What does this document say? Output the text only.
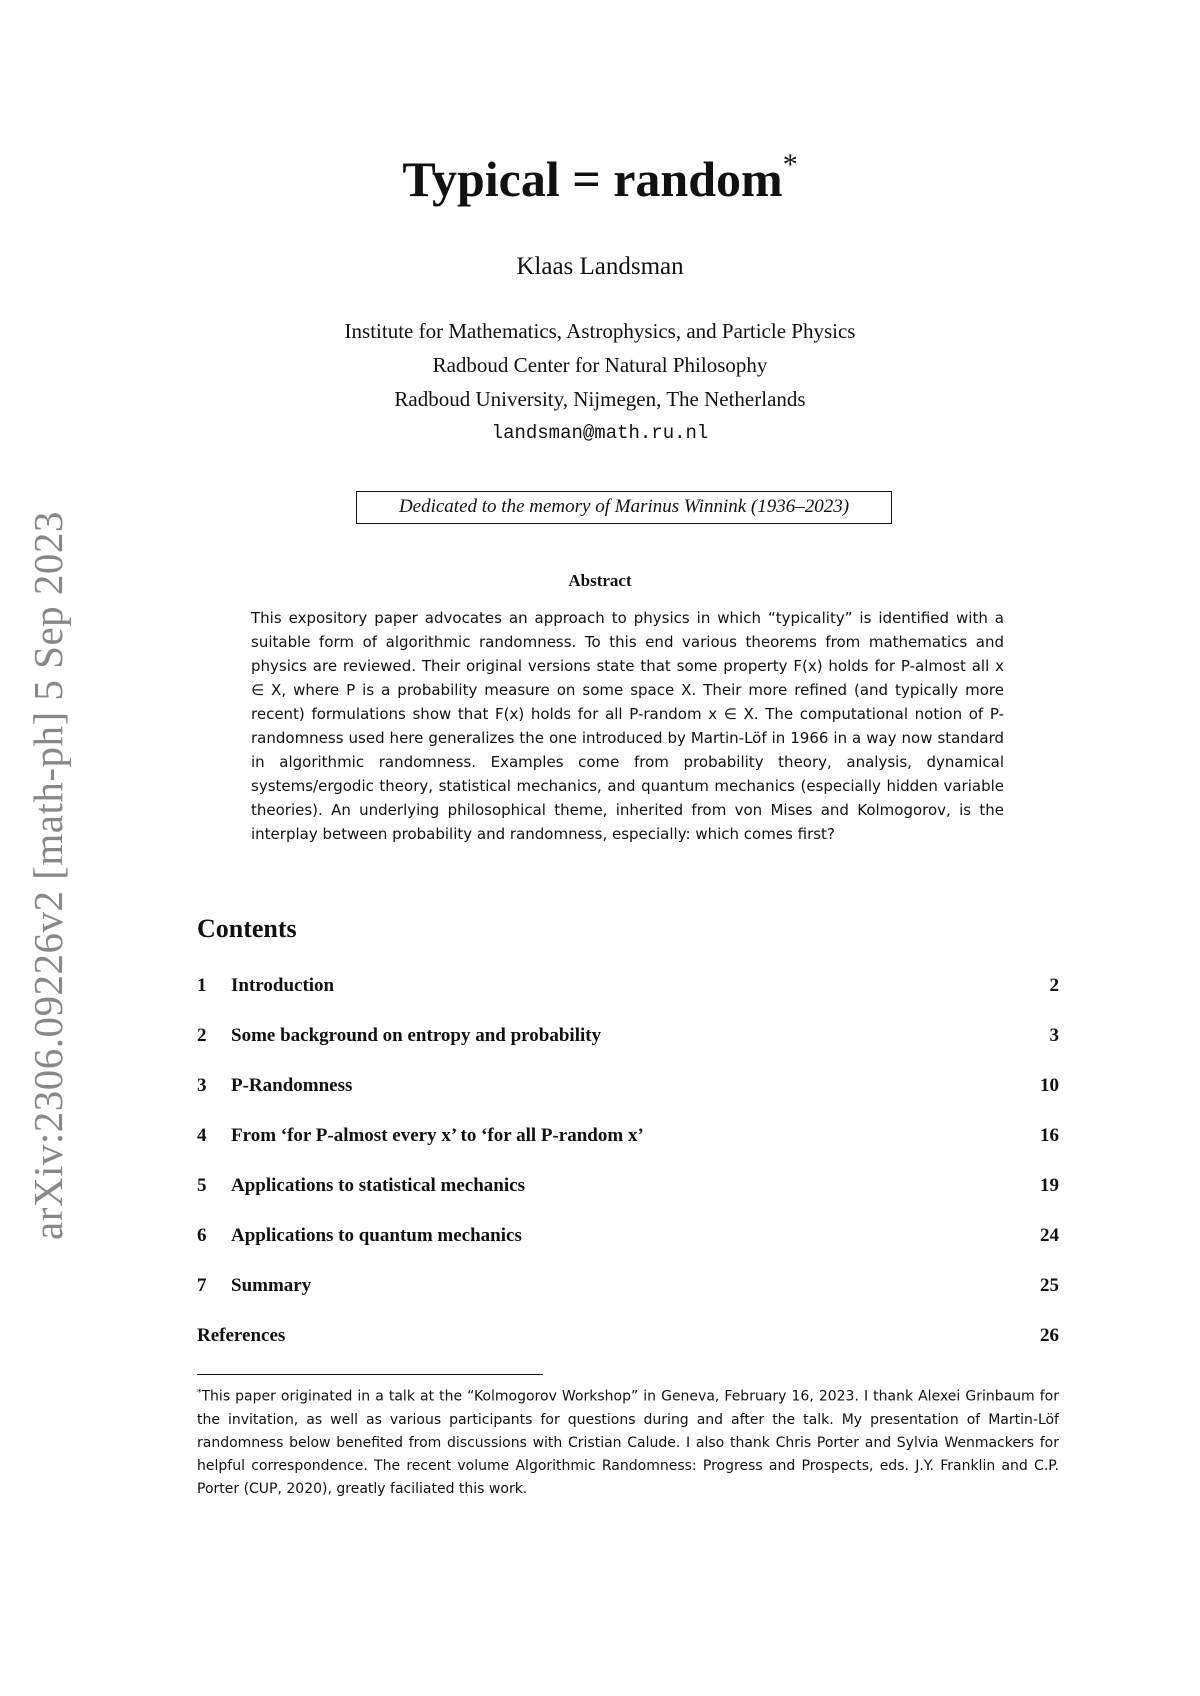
arXiv:2306.09226v2 [math-ph] 5 Sep 2023
Typical = random*
Klaas Landsman
Institute for Mathematics, Astrophysics, and Particle Physics
Radboud Center for Natural Philosophy
Radboud University, Nijmegen, The Netherlands
landsman@math.ru.nl
Dedicated to the memory of Marinus Winnink (1936–2023)
Abstract
This expository paper advocates an approach to physics in which “typicality” is identified with a suitable form of algorithmic randomness. To this end various theorems from mathematics and physics are reviewed. Their original versions state that some property F(x) holds for P-almost all x ∈ X, where P is a probability measure on some space X. Their more refined (and typically more recent) formulations show that F(x) holds for all P-random x ∈ X. The computational notion of P-randomness used here generalizes the one introduced by Martin-Löf in 1966 in a way now standard in algorithmic randomness. Examples come from probability theory, analysis, dynamical systems/ergodic theory, statistical mechanics, and quantum mechanics (especially hidden variable theories). An underlying philosophical theme, inherited from von Mises and Kolmogorov, is the interplay between probability and randomness, especially: which comes first?
Contents
1 Introduction	2
2 Some background on entropy and probability	3
3 P-Randomness	10
4 From ‘for P-almost every x’ to ‘for all P-random x’	16
5 Applications to statistical mechanics	19
6 Applications to quantum mechanics	24
7 Summary	25
References	26
*This paper originated in a talk at the “Kolmogorov Workshop” in Geneva, February 16, 2023. I thank Alexei Grinbaum for the invitation, as well as various participants for questions during and after the talk. My presentation of Martin-Löf randomness below benefited from discussions with Cristian Calude. I also thank Chris Porter and Sylvia Wenmackers for helpful correspondence. The recent volume Algorithmic Randomness: Progress and Prospects, eds. J.Y. Franklin and C.P. Porter (CUP, 2020), greatly faciliated this work.
